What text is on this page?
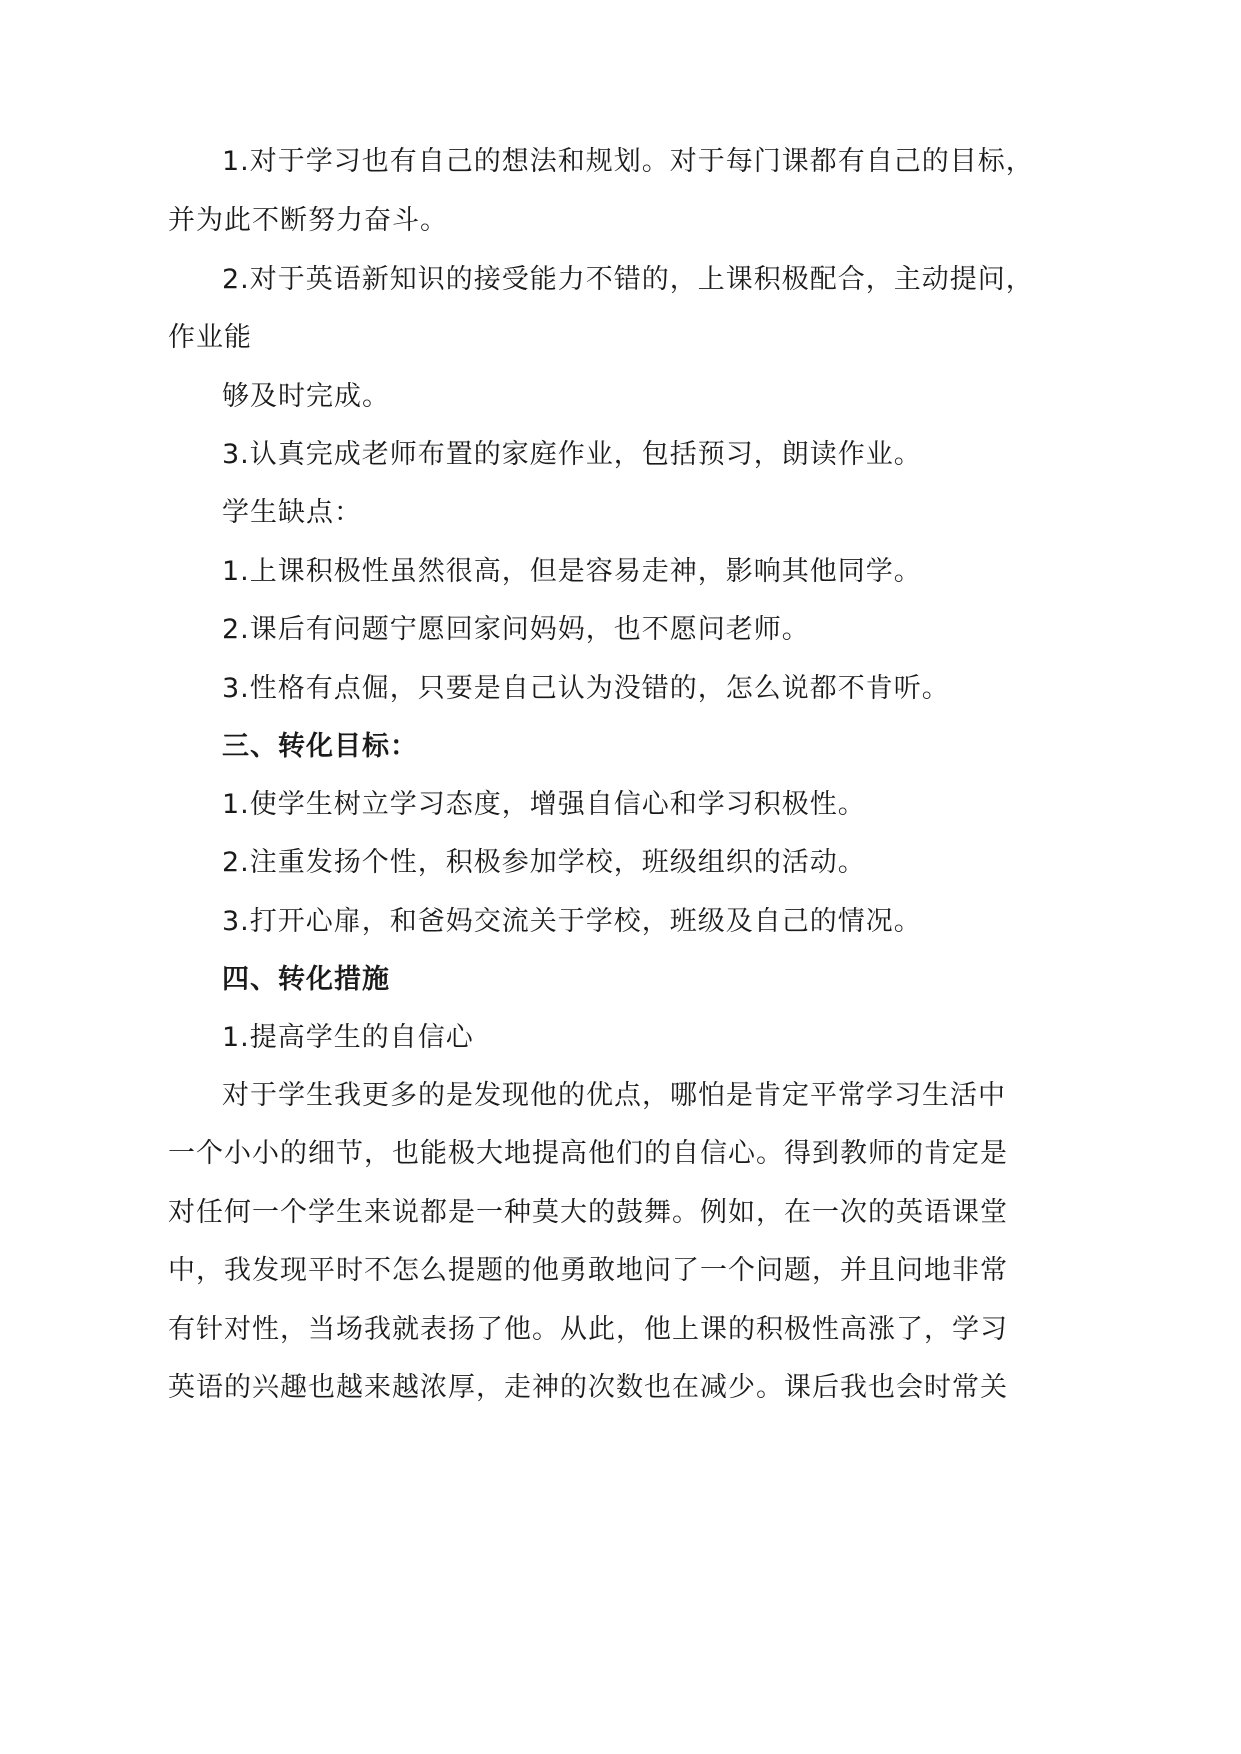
1.对于学习也有自己的想法和规划。对于每门课都有自己的目标，
并为此不断努力奋斗。
2.对于英语新知识的接受能力不错的，上课积极配合，主动提问，
作业能
够及时完成。
3.认真完成老师布置的家庭作业，包括预习，朗读作业。
学生缺点：
1.上课积极性虽然很高，但是容易走神，影响其他同学。
2.课后有问题宁愿回家问妈妈，也不愿问老师。
3.性格有点倔，只要是自己认为没错的，怎么说都不肯听。
三、转化目标：
1.使学生树立学习态度，增强自信心和学习积极性。
2.注重发扬个性，积极参加学校，班级组织的活动。
3.打开心扉，和爸妈交流关于学校，班级及自己的情况。
四、转化措施
1.提高学生的自信心
对于学生我更多的是发现他的优点，哪怕是肯定平常学习生活中
一个小小的细节，也能极大地提高他们的自信心。得到教师的肯定是
对任何一个学生来说都是一种莫大的鼓舞。例如，在一次的英语课堂
中，我发现平时不怎么提题的他勇敢地问了一个问题，并且问地非常
有针对性，当场我就表扬了他。从此，他上课的积极性高涨了，学习
英语的兴趣也越来越浓厚，走神的次数也在减少。课后我也会时常关
